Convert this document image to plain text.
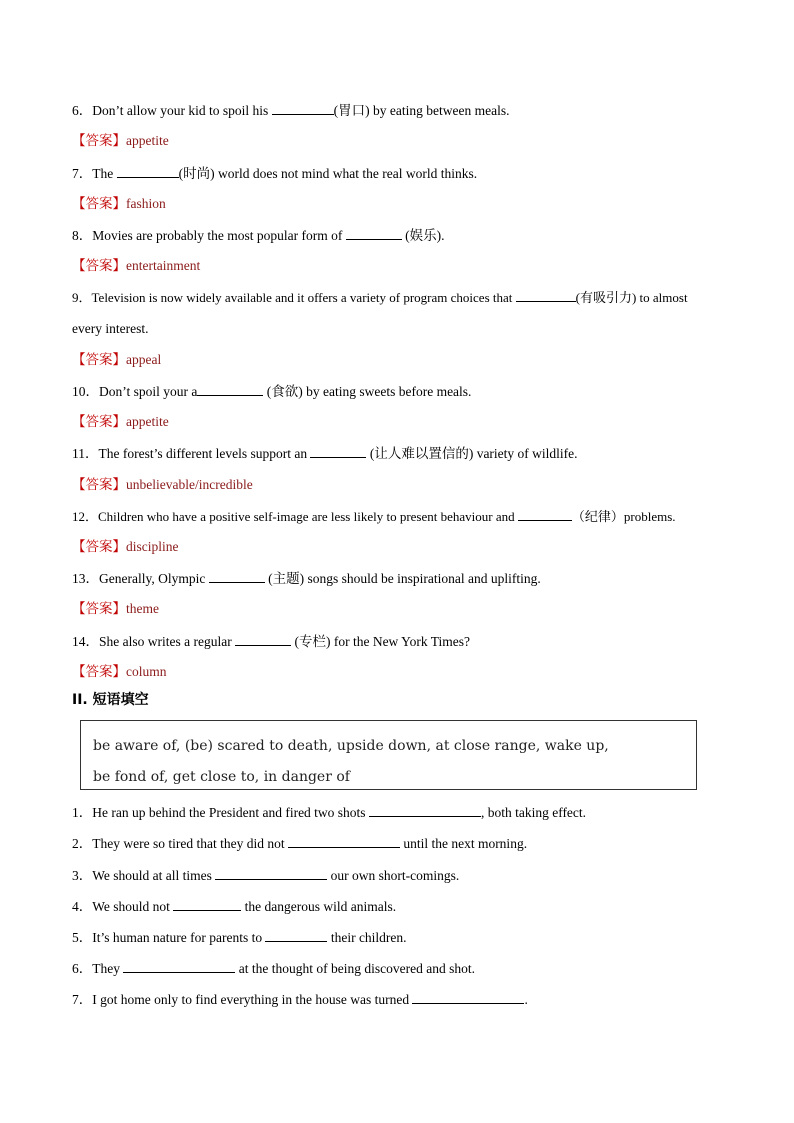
6．Don’t allow your kid to spoil his	(胃口) by eating between meals.
【答案】appetite
7．The	(时尚) world does not mind what the real world thinks.
【答案】fashion
8．Movies are probably the most popular form of	(娱乐).
【答案】entertainment
9．Television is now widely available and it offers a variety of program choices that	(有吸引力) to almost
every interest.
【答案】appeal
10．Don’t spoil your a	(食欲) by eating sweets before meals.
【答案】appetite
11．The forest’s different levels support an	(让人难以置信的) variety of wildlife.
【答案】unbelievable/incredible
12．Children who have a positive self-image are less likely to present behaviour and	（纪律）problems.
【答案】discipline
13．Generally, Olympic	(主题) songs should be inspirational and uplifting.
【答案】theme
14．She also writes a regular	(专栏) for the New York Times?
【答案】column
II. 短语填空
be aware of, (be) scared to death, upside down, at close range, wake up,
be fond of, get close to, in danger of
1．He ran up behind the President and fired two shots	, both taking effect.
2．They were so tired that they did not	until the next morning.
3．We should at all times	our own short-comings.
4．We should not	the dangerous wild animals.
5．It’s human nature for parents to	their children.
6．They	at the thought of being discovered and shot.
7．I got home only to find everything in the house was turned	.
